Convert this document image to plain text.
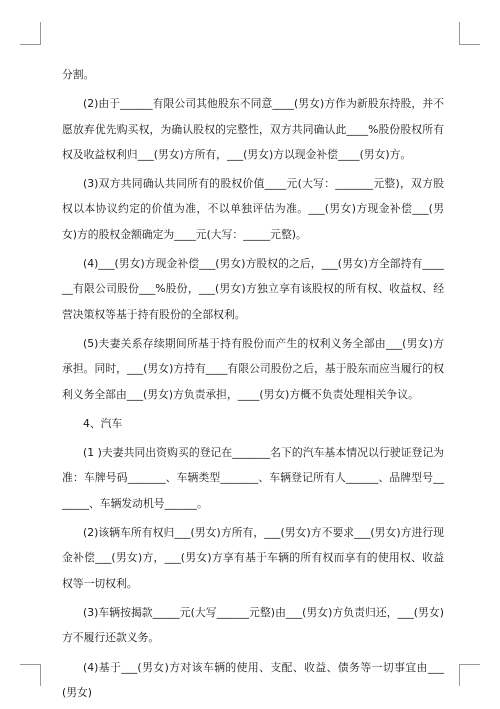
分割。

(2)由于______有限公司其他股东不同意____(男女)方作为新股东持股，并不愿放弃优先购买权，为确认股权的完整性，双方共同确认此____%股份股权所有权及收益权利归___(男女)方所有，___(男女)方以现金补偿____(男女)方。

(3)双方共同确认共同所有的股权价值____元(大写：_______元整)，双方股权以本协议约定的价值为准，不以单独评估为准。___(男女)方现金补偿___(男女)方的股权金额确定为____元(大写：_____元整)。

(4)___(男女)方现金补偿___(男女)方股权的之后，___(男女)方全部持有______有限公司股份___%股份，___(男女)方独立享有该股权的所有权、收益权、经营决策权等基于持有股份的全部权利。

(5)夫妻关系存续期间所基于持有股份而产生的权利义务全部由___(男女)方承担。同时，___(男女)方持有____有限公司股份之后，基于股东而应当履行的权利义务全部由___(男女)方负责承担，____(男女)方概不负责处理相关争议。

4、汽车

(1 )夫妻共同出资购买的登记在_______名下的汽车基本情况以行驶证登记为准：车牌号码_______、车辆类型_______、车辆登记所有人______、品牌型号_______、车辆发动机号______。

(2)该辆车所有权归___(男女)方所有，___(男女)方不要求___(男女)方进行现金补偿___(男女)方，___(男女)方享有基于车辆的所有权而享有的使用权、收益权等一切权利。

(3)车辆按揭款_____元(大写______元整)由___(男女)方负责归还，___(男女)方不履行还款义务。

(4)基于___(男女)方对该车辆的使用、支配、收益、债务等一切事宜由___(男女)
